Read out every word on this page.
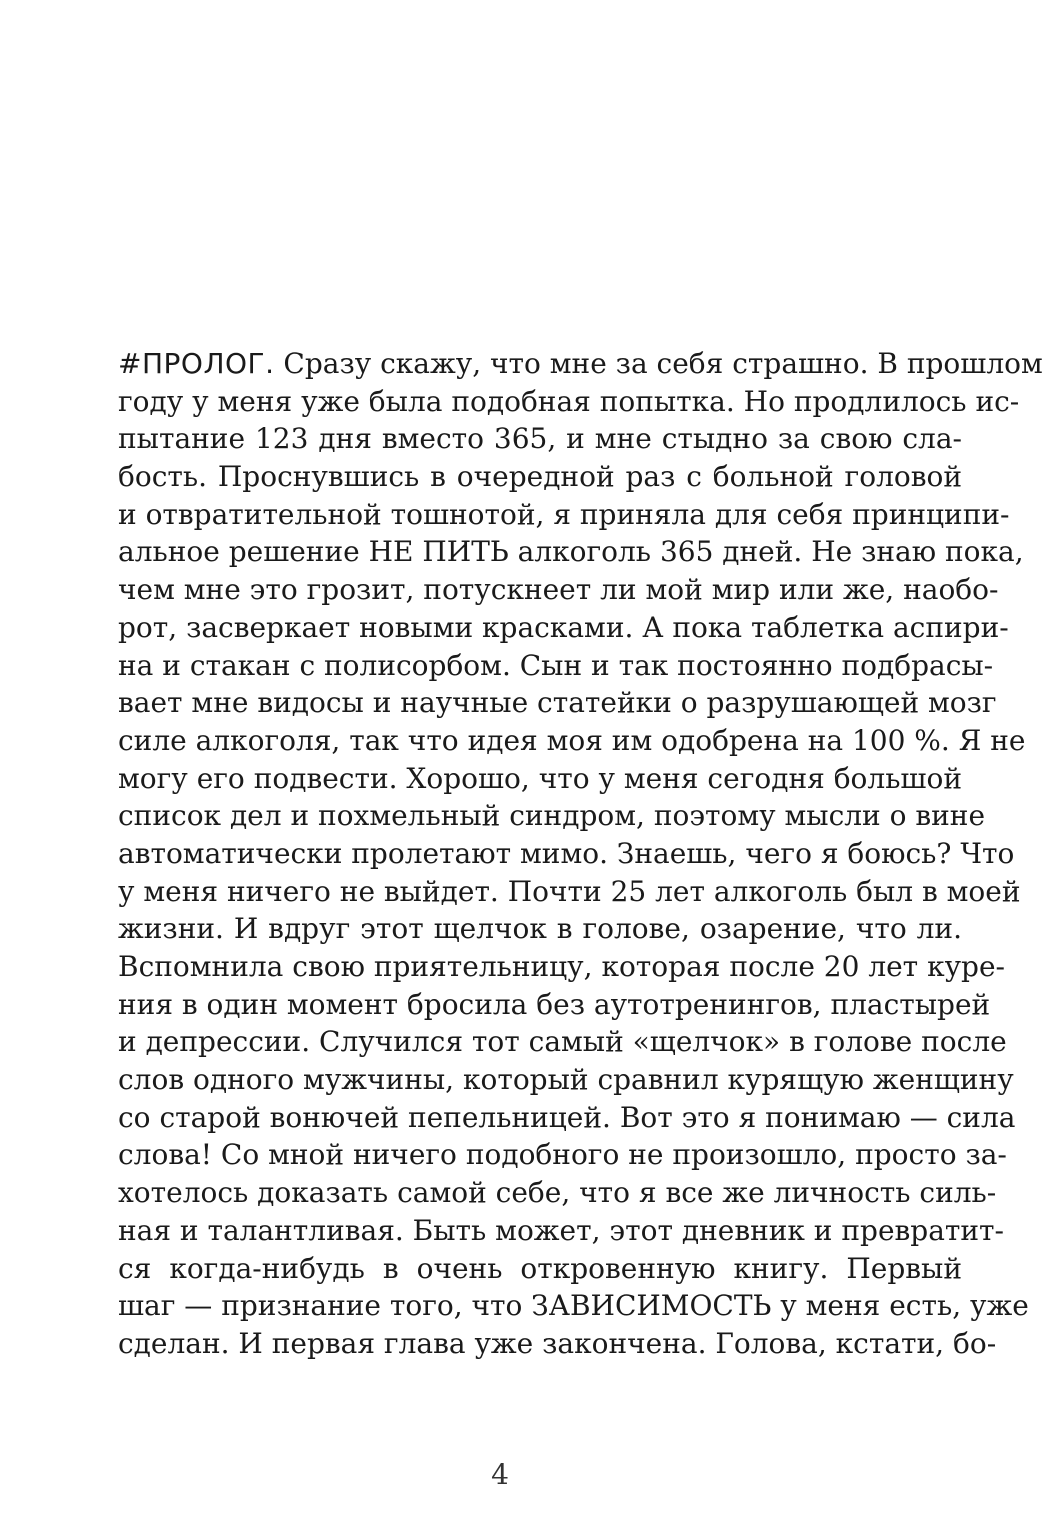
#ПРОЛОГ. Сразу скажу, что мне за себя страшно. В прошлом
году у меня уже была подобная попытка. Но продлилось ис-
пытание 123 дня вместо 365, и мне стыдно за свою сла-
бость. Проснувшись в очередной раз с больной головой
и отвратительной тошнотой, я приняла для себя принципи-
альное решение НЕ ПИТЬ алкоголь 365 дней. Не знаю пока,
чем мне это грозит, потускнеет ли мой мир или же, наобо-
рот, засверкает новыми красками. А пока таблетка аспири-
на и стакан с полисорбом. Сын и так постоянно подбрасы-
вает мне видосы и научные статейки о разрушающей мозг
силе алкоголя, так что идея моя им одобрена на 100 %. Я не
могу его подвести. Хорошо, что у меня сегодня большой
список дел и похмельный синдром, поэтому мысли о вине
автоматически пролетают мимо. Знаешь, чего я боюсь? Что
у меня ничего не выйдет. Почти 25 лет алкоголь был в моей
жизни. И вдруг этот щелчок в голове, озарение, что ли.
Вспомнила свою приятельницу, которая после 20 лет куре-
ния в один момент бросила без аутотренингов, пластырей
и депрессии. Случился тот самый «щелчок» в голове после
слов одного мужчины, который сравнил курящую женщину
со старой вонючей пепельницей. Вот это я понимаю — сила
слова! Со мной ничего подобного не произошло, просто за-
хотелось доказать самой себе, что я все же личность силь-
ная и талантливая. Быть может, этот дневник и превратит-
ся когда-нибудь в очень откровенную книгу. Первый
шаг — признание того, что ЗАВИСИМОСТЬ у меня есть, уже
сделан. И первая глава уже закончена. Голова, кстати, бо-
4
